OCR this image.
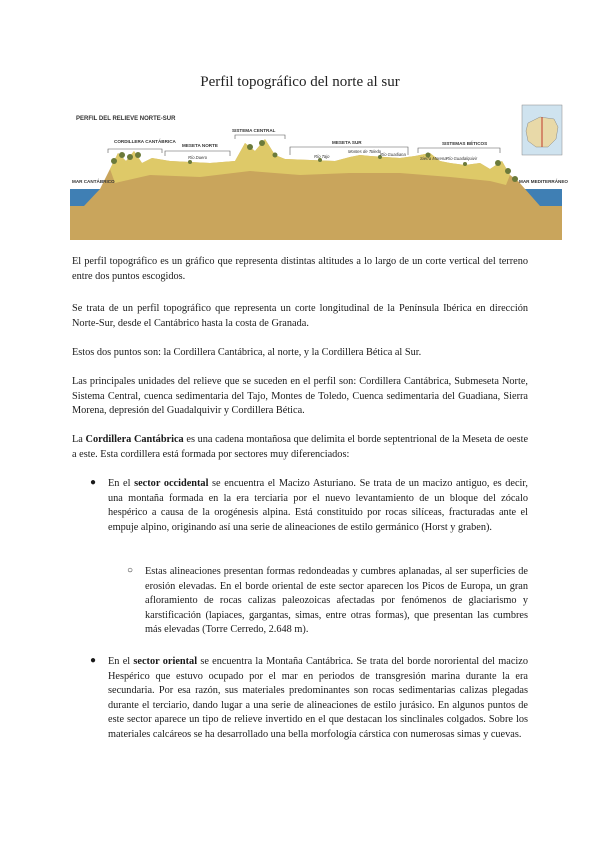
Perfil topográfico del norte al sur
PERFIL DEL RELIEVE NORTE-SUR
MAR CANTÁBRICO
CORDILLERA CANTÁBRICA
MESETA NORTE
SISTEMA CENTRAL
MESETA SUR	SISTEMAS BÉTICOS
MAR MEDITERRÁNEO
Río Duero	Río Tajo
Montes de Toledo
Río Guadiana
Sierra Morena Río Guadalquivir

El perfil topográfico es un gráfico que representa distintas altitudes a lo largo de un corte vertical del terreno entre dos puntos escogidos.

Se trata de un perfil topográfico que representa un corte longitudinal de la Península Ibérica en dirección Norte-Sur, desde el Cantábrico hasta la costa de Granada.

Estos dos puntos son: la Cordillera Cantábrica, al norte, y la Cordillera Bética al Sur.

Las principales unidades del relieve que se suceden en el perfil son: Cordillera Cantábrica, Submeseta Norte, Sistema Central, cuenca sedimentaria del Tajo, Montes de Toledo, Cuenca sedimentaria del Guadiana, Sierra Morena, depresión del Guadalquivir y Cordillera Bética.

La Cordillera Cantábrica es una cadena montañosa que delimita el borde septentrional de la Meseta de oeste a este. Esta cordillera está formada por sectores muy diferenciados:

● En el sector occidental se encuentra el Macizo Asturiano. Se trata de un macizo antiguo, es decir, una montaña formada en la era terciaria por el nuevo levantamiento de un bloque del zócalo hespérico a causa de la orogénesis alpina. Está constituido por rocas silíceas, fracturadas ante el empuje alpino, originando así una serie de alineaciones de estilo germánico (Horst y graben).
○ Estas alineaciones presentan formas redondeadas y cumbres aplanadas, al ser superficies de erosión elevadas. En el borde oriental de este sector aparecen los Picos de Europa, un gran afloramiento de rocas calizas paleozoicas afectadas por fenómenos de glaciarismo y karstificación (lapiaces, gargantas, simas, entre otras formas), que presentan las cumbres más elevadas (Torre Cerredo, 2.648 m).
● En el sector oriental se encuentra la Montaña Cantábrica. Se trata del borde nororiental del macizo Hespérico que estuvo ocupado por el mar en periodos de transgresión marina durante la era secundaria. Por esa razón, sus materiales predominantes son rocas sedimentarias calizas plegadas durante el terciario, dando lugar a una serie de alineaciones de estilo jurásico. En algunos puntos de este sector aparece un tipo de relieve invertido en el que destacan los sinclinales colgados. Sobre los materiales calcáreos se ha desarrollado una bella morfología cárstica con numerosas simas y cuevas.
